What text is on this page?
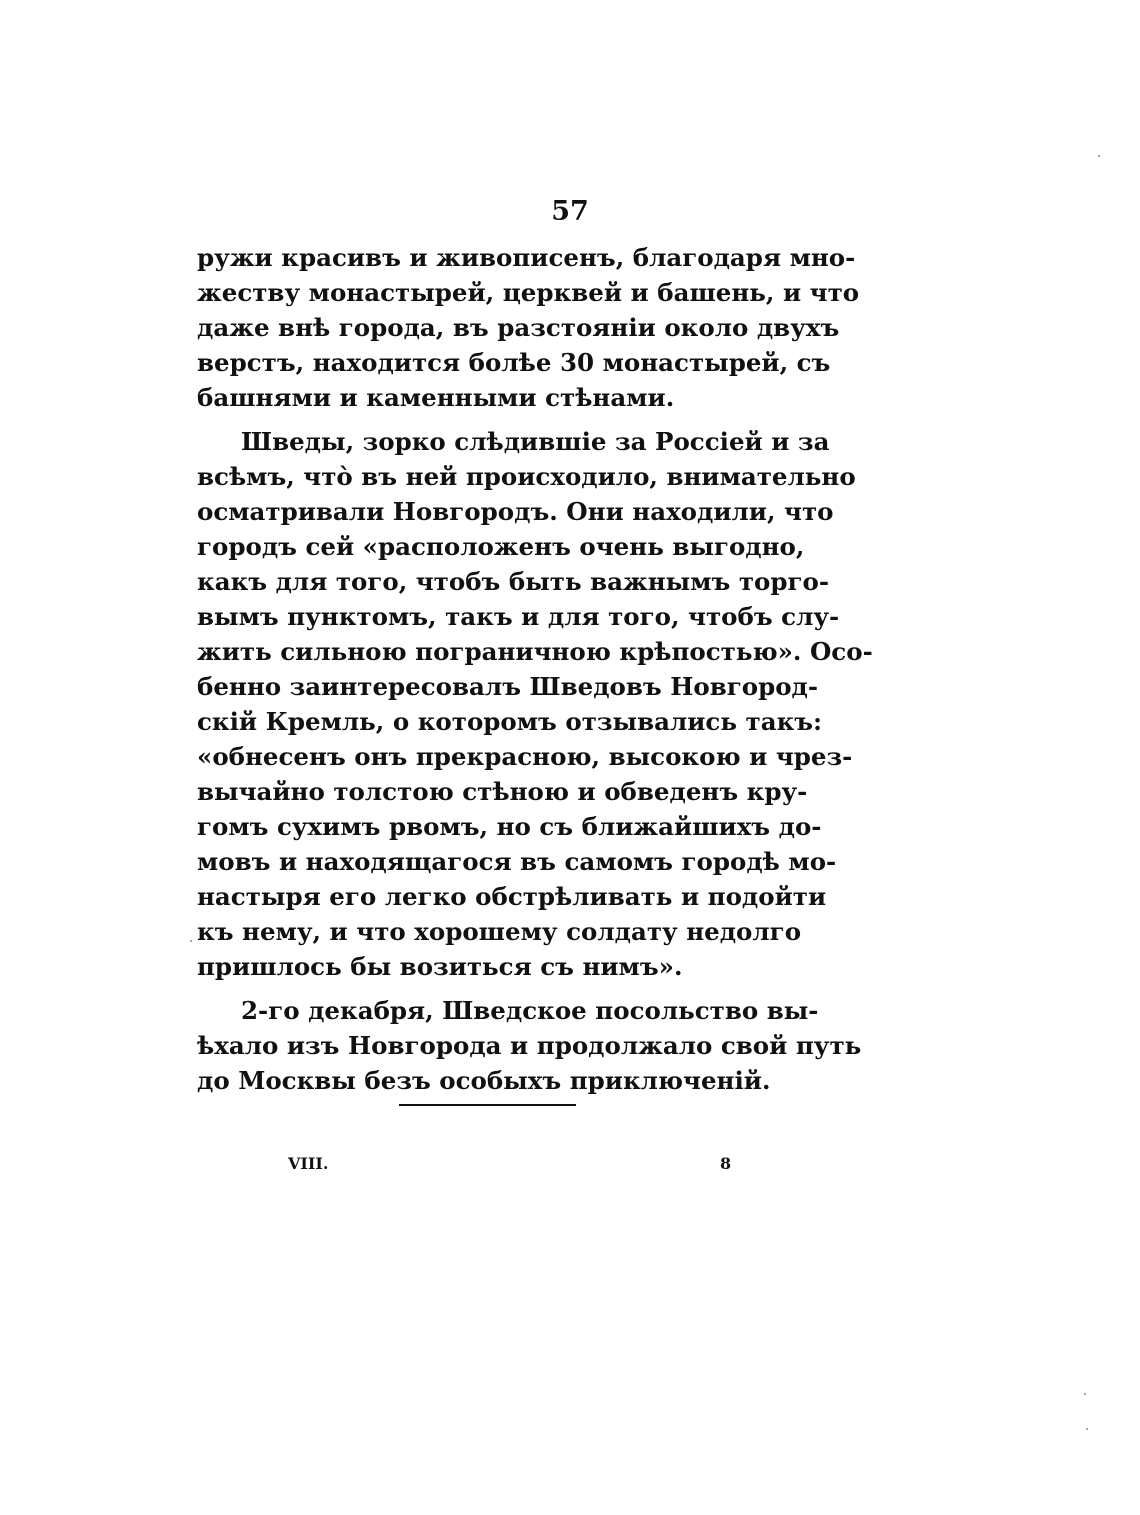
57
ружи красивъ и живописенъ, благодаря мно-
жеству монастырей, церквей и башень, и что
даже внѣ города, въ разстояніи около двухъ
верстъ, находится болѣе 30 монастырей, съ
башнями и каменными стѣнами.
Шведы, зорко слѣдившіе за Россіей и за
всѣмъ, что̀ въ ней происходило, внимательно
осматривали Новгородъ. Они находили, что
городъ сей «расположенъ очень выгодно,
какъ для того, чтобъ быть важнымъ торго-
вымъ пунктомъ, такъ и для того, чтобъ слу-
жить сильною пограничною крѣпостью». Осо-
бенно заинтересовалъ Шведовъ Новгород-
скій Кремль, о которомъ отзывались такъ:
«обнесенъ онъ прекрасною, высокою и чрез-
вычайно толстою стѣною и обведенъ кру-
гомъ сухимъ рвомъ, но съ ближайшихъ до-
мовъ и находящагося въ самомъ городѣ мо-
настыря его легко обстрѣливать и подойти
къ нему, и что хорошему солдату недолго
пришлось бы возиться съ нимъ».
2-го декабря, Шведское посольство вы-
ѣхало изъ Новгорода и продолжало свой путь
до Москвы безъ особыхъ приключеній.
VIII.	8
